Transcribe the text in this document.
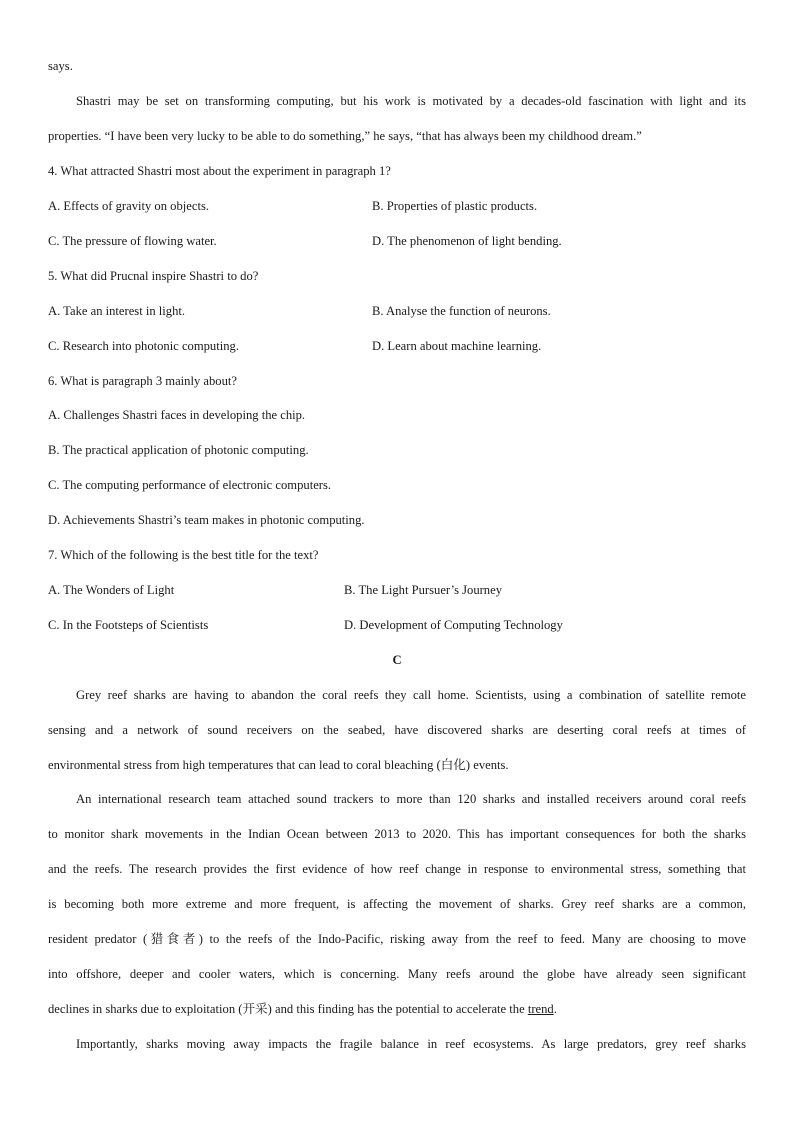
says.
Shastri may be set on transforming computing, but his work is motivated by a decades-old fascination with light and its
properties. “I have been very lucky to be able to do something,” he says, “that has always been my childhood dream.”
4. What attracted Shastri most about the experiment in paragraph 1?
A. Effects of gravity on objects.	B. Properties of plastic products.
C. The pressure of flowing water.	D. The phenomenon of light bending.
5. What did Prucnal inspire Shastri to do?
A. Take an interest in light.	B. Analyse the function of neurons.
C. Research into photonic computing.	D. Learn about machine learning.
6. What is paragraph 3 mainly about?
A. Challenges Shastri faces in developing the chip.
B. The practical application of photonic computing.
C. The computing performance of electronic computers.
D. Achievements Shastri’s team makes in photonic computing.
7. Which of the following is the best title for the text?
A. The Wonders of Light	B. The Light Pursuer’s Journey
C. In the Footsteps of Scientists	D. Development of Computing Technology
C
Grey reef sharks are having to abandon the coral reefs they call home. Scientists, using a combination of satellite remote
sensing and a network of sound receivers on the seabed, have discovered sharks are deserting coral reefs at times of
environmental stress from high temperatures that can lead to coral bleaching (白化) events.
An international research team attached sound trackers to more than 120 sharks and installed receivers around coral reefs
to monitor shark movements in the Indian Ocean between 2013 to 2020. This has important consequences for both the sharks
and the reefs. The research provides the first evidence of how reef change in response to environmental stress, something that
is becoming both more extreme and more frequent, is affecting the movement of sharks. Grey reef sharks are a common,
resident predator (猎食者) to the reefs of the Indo-Pacific, risking away from the reef to feed. Many are choosing to move
into offshore, deeper and cooler waters, which is concerning. Many reefs around the globe have already seen significant
declines in sharks due to exploitation (开采) and this finding has the potential to accelerate the trend.
Importantly, sharks moving away impacts the fragile balance in reef ecosystems. As large predators, grey reef sharks
